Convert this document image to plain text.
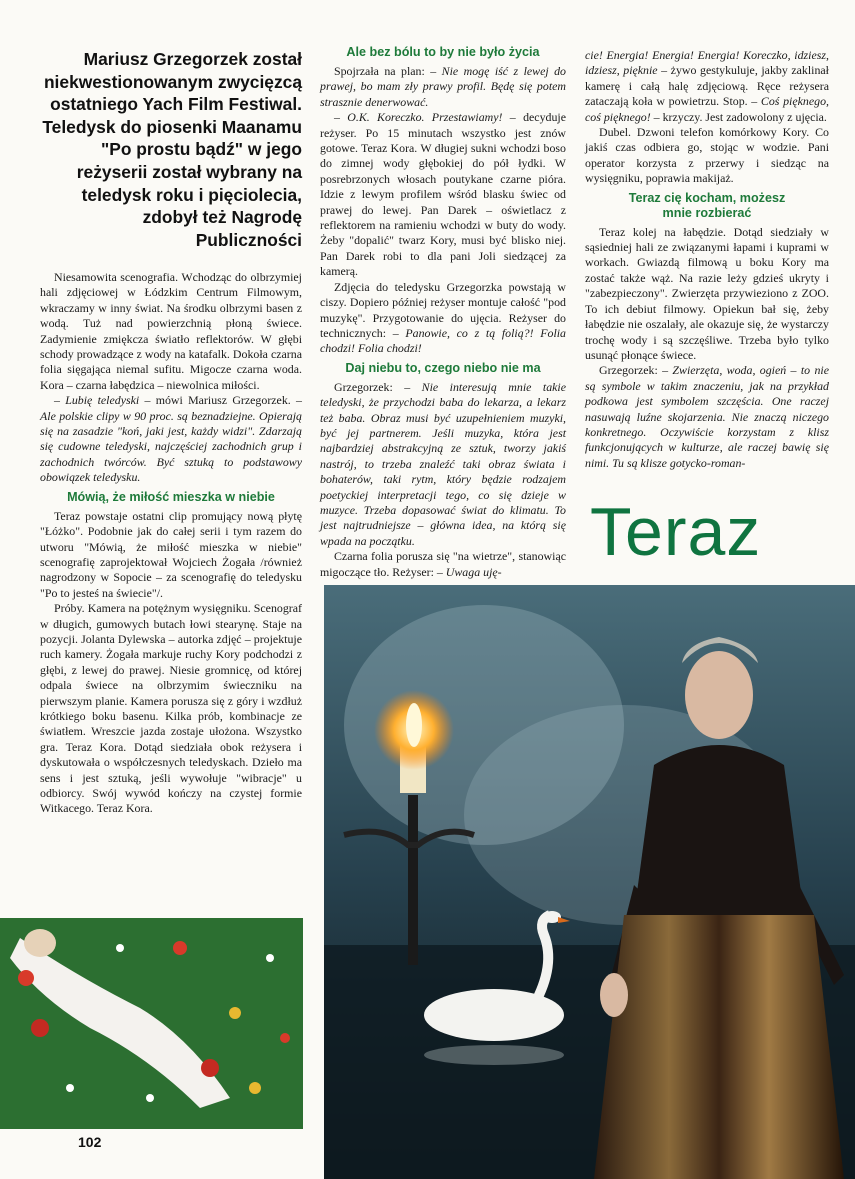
Mariusz Grzegorzek został niekwestionowanym zwycięzcą ostatniego Yach Film Festiwal. Teledysk do piosenki Maanamu "Po prostu bądź" w jego reżyserii został wybrany na teledysk roku i pięciolecia, zdobył też Nagrodę Publiczności

Niesamowita scenografia. Wchodząc do olbrzymiej hali zdjęciowej w Łódzkim Centrum Filmowym, wkraczamy w inny świat. Na środku olbrzymi basen z wodą. Tuż nad powierzchnią płoną świece. Zadymienie zmiękcza światło reflektorów. W głębi schody prowadzące z wody na katafalk. Dokoła czarna folia sięgająca niemal sufitu. Migocze czarna woda. Kora – czarna łabędzica – niewolnica miłości.

– Lubię teledyski – mówi Mariusz Grzegorzek. – Ale polskie clipy w 90 proc. są beznadziejne. Opierają się na zasadzie "koń, jaki jest, każdy widzi". Zdarzają się cudowne teledyski, najczęściej zachodnich grup i zachodnich twórców. Być sztuką to podstawowy obowiązek teledysku.

Mówią, że miłość mieszka w niebie

Teraz powstaje ostatni clip promujący nową płytę "Łóżko". Podobnie jak do całej serii i tym razem do utworu "Mówią, że miłość mieszka w niebie" scenografię zaprojektował Wojciech Żogała /również nagrodzony w Sopocie – za scenografię do teledysku "Po to jesteś na świecie"/.

Próby. Kamera na potężnym wysięgniku. Scenograf w długich, gumowych butach łowi stearynę. Staje na pozycji. Jolanta Dylewska – autorka zdjęć – projektuje ruch kamery. Żogała markuje ruchy Kory podchodzi z głębi, z lewej do prawej. Niesie gromnicę, od której odpala świece na olbrzymim świeczniku na pierwszym planie. Kamera porusza się z góry i wzdłuż krótkiego boku basenu. Kilka prób, kombinacje ze światłem. Wreszcie jazda zostaje ułożona. Wszystko gra. Teraz Kora. Dotąd siedziała obok reżysera i dyskutowała o współczesnych teledyskach. Dzieło ma sens i jest sztuką, jeśli wywołuje "wibracje" u odbiorcy. Swój wywód kończy na czystej formie Witkacego. Teraz Kora.

Ale bez bólu to by nie było życia

Spojrzała na plan: – Nie mogę iść z lewej do prawej, bo mam zły prawy profil. Będę się potem strasznie denerwować.

– O.K. Koreczko. Przestawiamy! – decyduje reżyser. Po 15 minutach wszystko jest znów gotowe. Teraz Kora. W długiej sukni wchodzi boso do zimnej wody głębokiej do pół łydki. W posrebrzonych włosach poutykane czarne pióra. Idzie z lewym profilem wśród blasku świec od prawej do lewej. Pan Darek – oświetlacz z reflektorem na ramieniu wchodzi w buty do wody. Żeby "dopalić" twarz Kory, musi być blisko niej. Pan Darek robi to dla pani Joli siedzącej za kamerą.

Zdjęcia do teledysku Grzegorzka powstają w ciszy. Dopiero później reżyser montuje całość "pod muzykę". Przygotowanie do ujęcia. Reżyser do technicznych: – Panowie, co z tą folią?! Folia chodzi! Folia chodzi!

Daj niebu to, czego niebo nie ma

Grzegorzek: – Nie interesują mnie takie teledyski, że przychodzi baba do lekarza, a lekarz też baba. Obraz musi być uzupełnieniem muzyki, być jej partnerem. Jeśli muzyka, która jest najbardziej abstrakcyjną ze sztuk, tworzy jakiś nastrój, to trzeba znaleźć taki obraz świata i bohaterów, taki rytm, który będzie rodzajem poetyckiej interpretacji tego, co się dzieje w muzyce. Trzeba dopasować świat do klimatu. To jest najtrudniejsze – główna idea, na którą się wpada na początku.

Czarna folia porusza się "na wietrze", stanowiąc migoczące tło. Reżyser: – Uwaga uję-

cie! Energia! Energia! Energia! Koreczko, idziesz, idziesz, pięknie – żywo gestykuluje, jakby zaklinał kamerę i całą halę zdjęciową. Ręce reżysera zataczają koła w powietrzu. Stop. – Coś pięknego, coś pięknego! – krzyczy. Jest zadowolony z ujęcia.

Dubel. Dzwoni telefon komórkowy Kory. Co jakiś czas odbiera go, stojąc w wodzie. Pani operator korzysta z przerwy i siedząc na wysięgniku, poprawia makijaż.

Teraz cię kocham, możesz mnie rozbierać

Teraz kolej na łabędzie. Dotąd siedziały w sąsiedniej hali ze związanymi łapami i kuprami w workach. Gwiazdą filmową u boku Kory ma zostać także wąż. Na razie leży gdzieś ukryty i "zabezpieczony". Zwierzęta przywieziono z ZOO. To ich debiut filmowy. Opiekun bał się, żeby łabędzie nie oszalały, ale okazuje się, że wystarczy trochę wody i są szczęśliwe. Trzeba było tylko usunąć płonące świece.

Grzegorzek: – Zwierzęta, woda, ogień – to nie są symbole w takim znaczeniu, jak na przykład podkowa jest symbolem szczęścia. One raczej nasuwają luźne skojarzenia. Nie znaczą niczego konkretnego. Oczywiście korzystam z klisz funkcjonujących w kulturze, ale raczej bawię się nimi. Tu są klisze gotycko-roman-

Teraz
102
